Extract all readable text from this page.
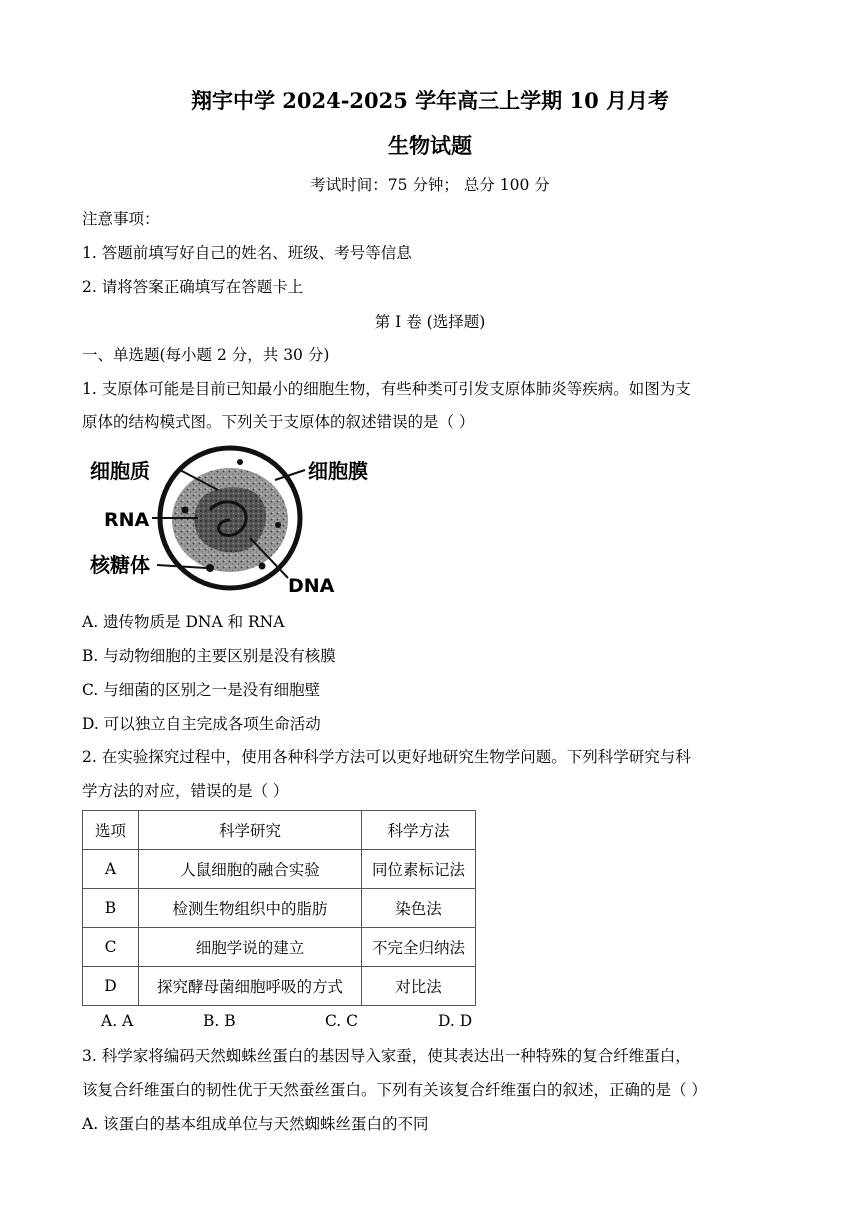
翔宇中学 2024-2025 学年高三上学期 10 月月考
生物试题
考试时间：75 分钟； 总分 100 分
注意事项：
1. 答题前填写好自己的姓名、班级、考号等信息
2. 请将答案正确填写在答题卡上
第 I 卷 (选择题)
一、单选题(每小题 2 分，共 30 分)
1. 支原体可能是目前已知最小的细胞生物，有些种类可引发支原体肺炎等疾病。如图为支
原体的结构模式图。下列关于支原体的叙述错误的是（ ）
细胞质	细胞膜
RNA
核糖体
DNA
A. 遗传物质是 DNA 和 RNA
B. 与动物细胞的主要区别是没有核膜
C. 与细菌的区别之一是没有细胞壁
D. 可以独立自主完成各项生命活动
2. 在实验探究过程中，使用各种科学方法可以更好地研究生物学问题。下列科学研究与科
学方法的对应，错误的是（ ）
选项	科学研究	科学方法
A	人鼠细胞的融合实验	同位素标记法
B	检测生物组织中的脂肪	染色法
C	细胞学说的建立	不完全归纳法
D	探究酵母菌细胞呼吸的方式	对比法
A. A	B. B	C. C	D. D
3. 科学家将编码天然蜘蛛丝蛋白的基因导入家蚕，使其表达出一种特殊的复合纤维蛋白，
该复合纤维蛋白的韧性优于天然蚕丝蛋白。下列有关该复合纤维蛋白的叙述，正确的是（ ）
A. 该蛋白的基本组成单位与天然蜘蛛丝蛋白的不同
